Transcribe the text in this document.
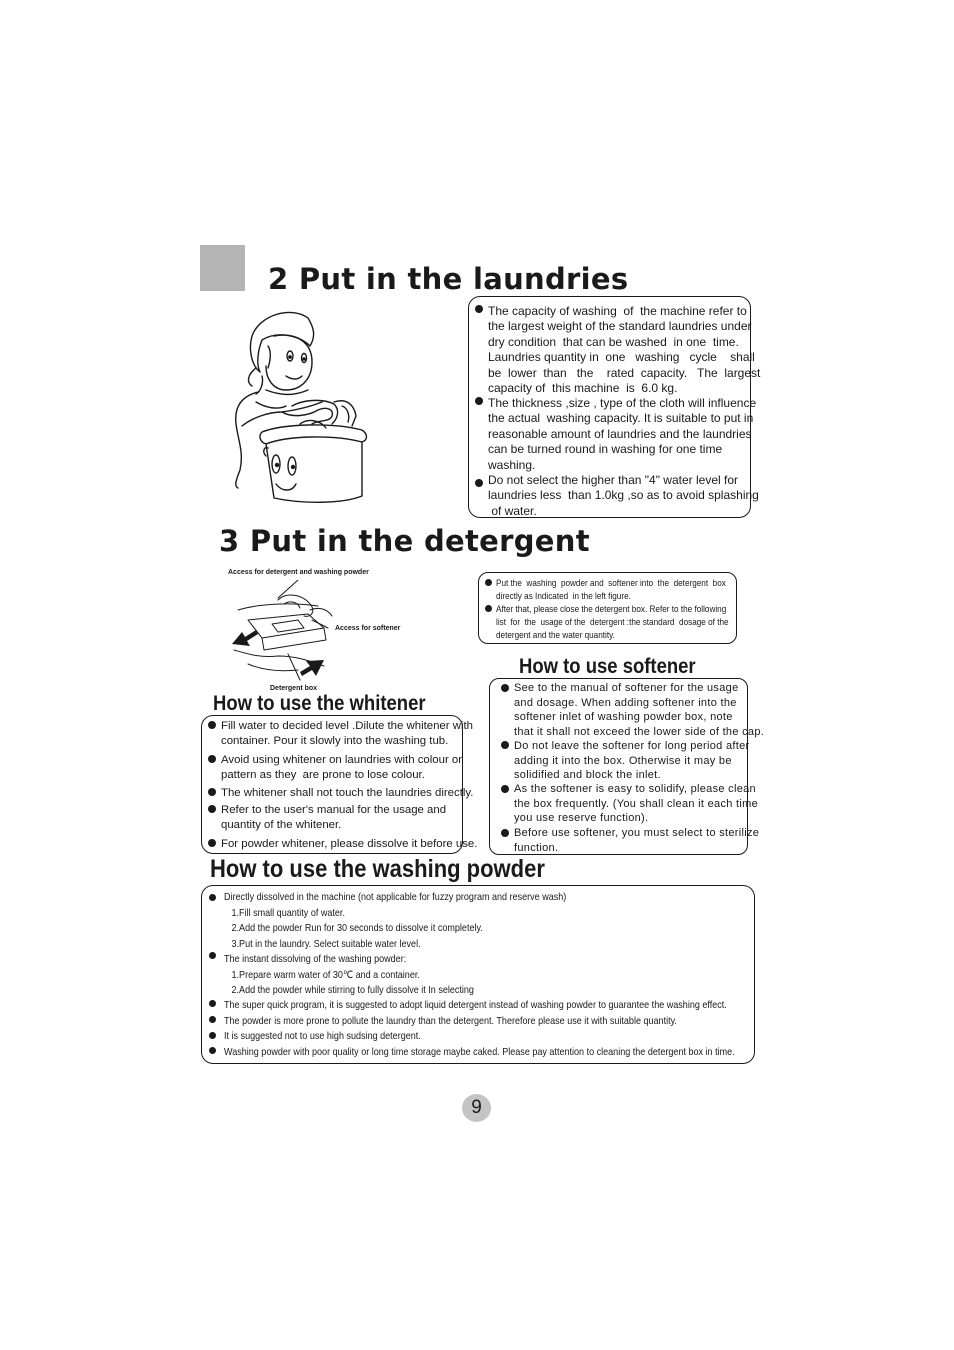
2 Put in the laundries
The capacity of washing  of  the machine refer to
the largest weight of the standard laundries under
dry condition  that can be washed  in one  time.
Laundries quantity in  one   washing   cycle    shall
be  lower  than   the    rated  capacity.   The  largest
capacity of  this machine  is  6.0 kg.
The thickness ,size , type of the cloth will influence
the actual  washing capacity. It is suitable to put in
reasonable amount of laundries and the laundries
can be turned round in washing for one time
washing.
Do not select the higher than "4" water level for
laundries less  than 1.0kg ,so as to avoid splashing
of water.
3 Put in the detergent
Access for detergent and washing powder
Access for softener
Detergent box
Put the  washing  powder and  softener into  the  detergent  box
directly as Indicated  in the left figure.
After that, please close the detergent box. Refer to the following
list  for  the  usage of the  detergent :the standard  dosage of the
detergent and the water quantity.
How to use softener
See to the manual of softener for the usage
and dosage. When adding softener into the
softener inlet of washing powder box, note
that it shall not exceed the lower side of the cap.
Do not leave the softener for long period after
adding it into the box. Otherwise it may be
solidified and block the inlet.
As the softener is easy to solidify, please clean
the box frequently. (You shall clean it each time
you use reserve function).
Before use softener, you must select to sterilize
function.
How to use the whitener
Fill water to decided level .Dilute the whitener with
container. Pour it slowly into the washing tub.
Avoid using whitener on laundries with colour or
pattern as they  are prone to lose colour.
The whitener shall not touch the laundries directly.
Refer to the user's manual for the usage and
quantity of the whitener.
For powder whitener, please dissolve it before use.
How to use the washing powder
Directly dissolved in the machine (not applicable for fuzzy program and reserve wash)
1.Fill small quantity of water.
2.Add the powder Run for 30 seconds to dissolve it completely.
3.Put in the laundry. Select suitable water level.
The instant dissolving of the washing powder:
1.Prepare warm water of 30℃ and a container.
2.Add the powder while stirring to fully dissolve it In selecting
The super quick program, it is suggested to adopt liquid detergent instead of washing powder to guarantee the washing effect.
The powder is more prone to pollute the laundry than the detergent. Therefore please use it with suitable quantity.
It is suggested not to use high sudsing detergent.
Washing powder with poor quality or long time storage maybe caked. Please pay attention to cleaning the detergent box in time.
9
